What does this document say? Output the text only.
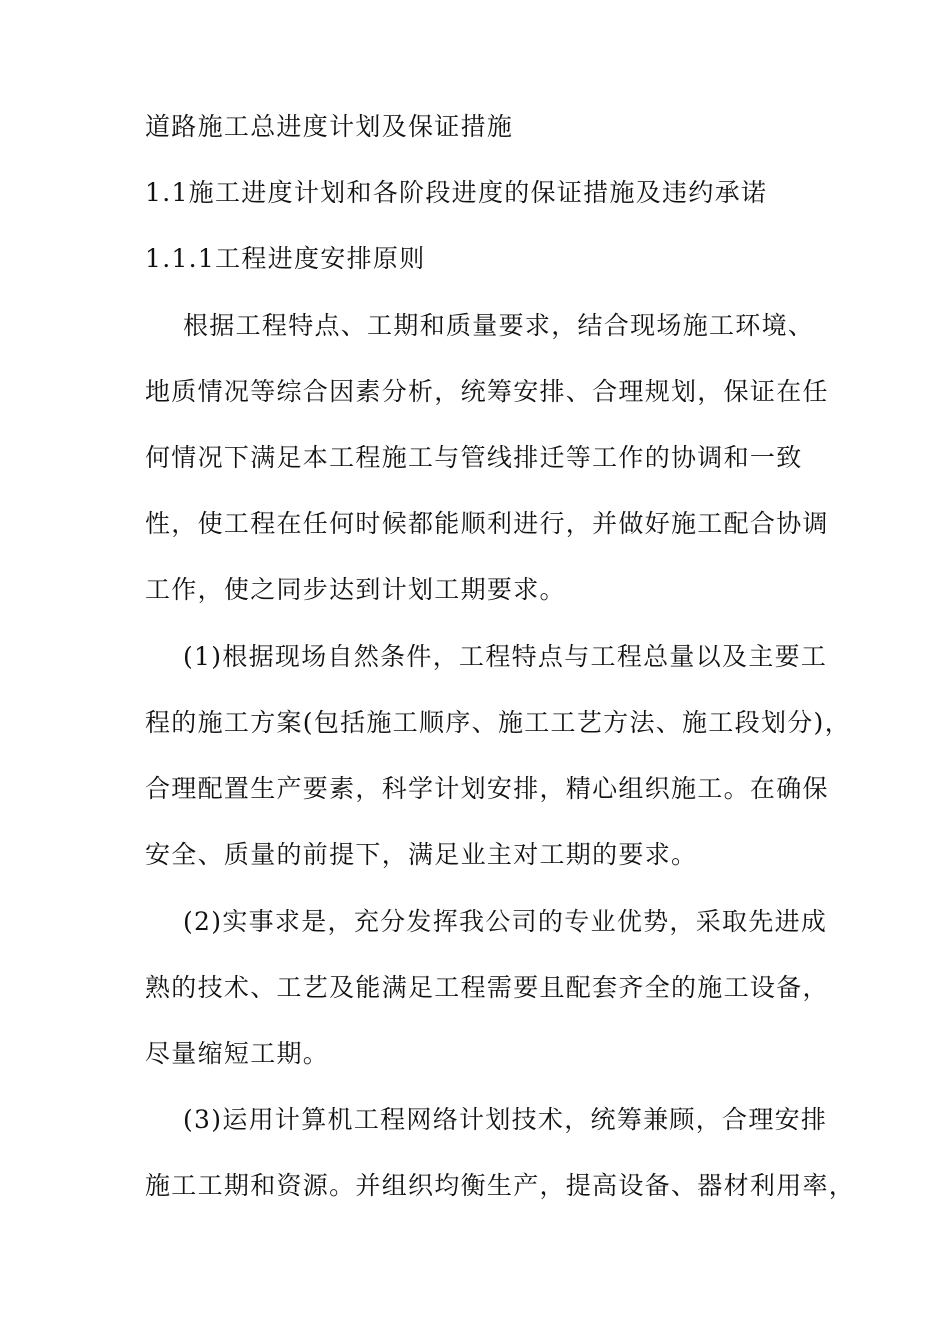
道路施工总进度计划及保证措施
1.1施工进度计划和各阶段进度的保证措施及违约承诺
1.1.1工程进度安排原则
根据工程特点、工期和质量要求，结合现场施工环境、
地质情况等综合因素分析，统筹安排、合理规划，保证在任
何情况下满足本工程施工与管线排迁等工作的协调和一致
性，使工程在任何时候都能顺利进行，并做好施工配合协调
工作，使之同步达到计划工期要求。
(1)根据现场自然条件，工程特点与工程总量以及主要工
程的施工方案(包括施工顺序、施工工艺方法、施工段划分)，
合理配置生产要素，科学计划安排，精心组织施工。在确保
安全、质量的前提下，满足业主对工期的要求。
(2)实事求是，充分发挥我公司的专业优势，采取先进成
熟的技术、工艺及能满足工程需要且配套齐全的施工设备，
尽量缩短工期。
(3)运用计算机工程网络计划技术，统筹兼顾，合理安排
施工工期和资源。并组织均衡生产，提高设备、器材利用率，
